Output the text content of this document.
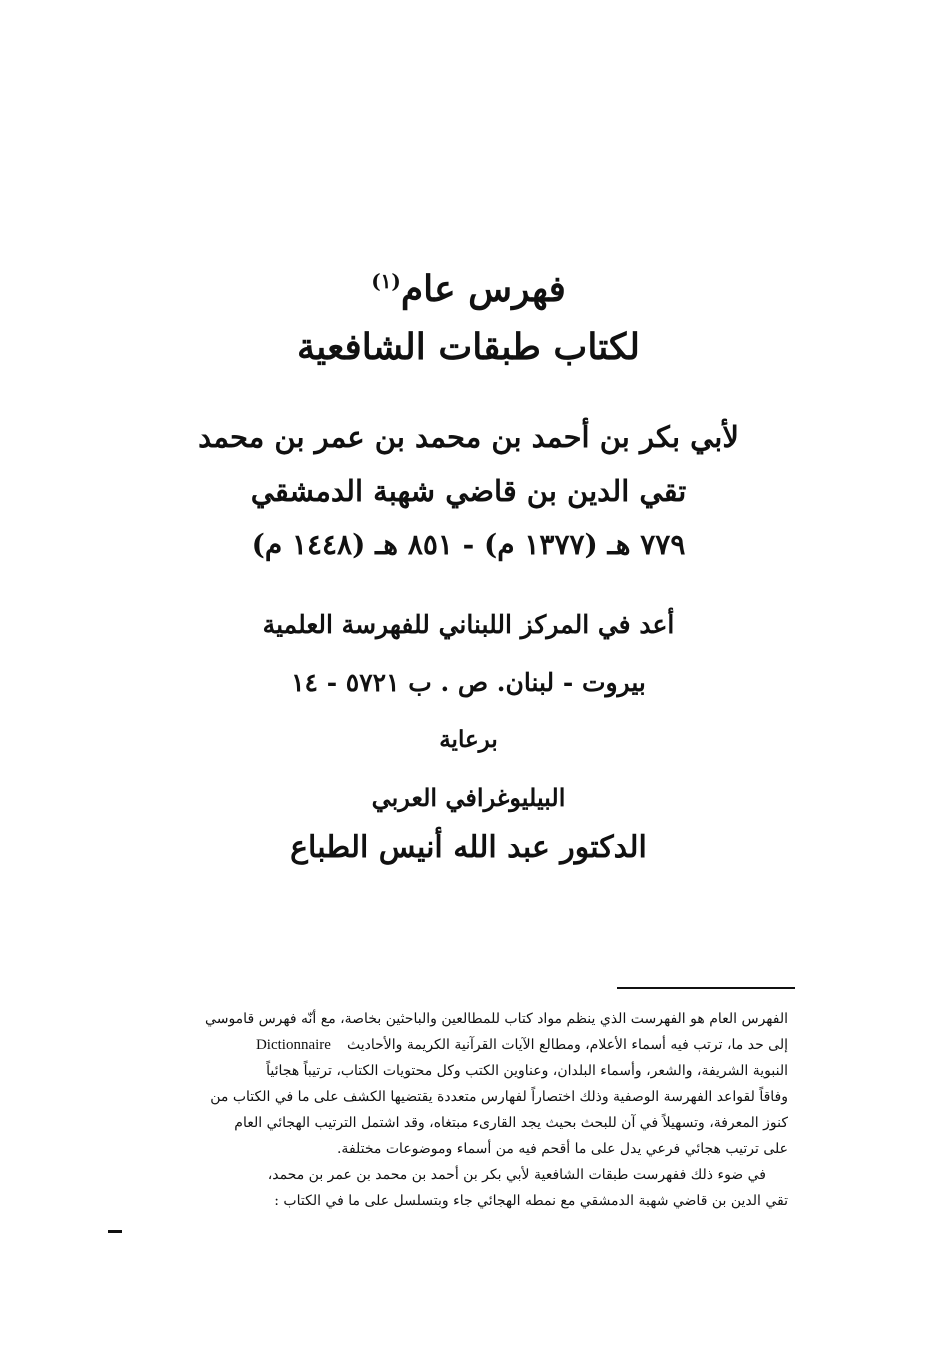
فهرس عام$^{(١)}$
لكتاب طبقات الشافعية
لأبي بكر بن أحمد بن محمد بن عمر بن محمد
تقي الدين بن قاضي شهبة الدمشقي
٧٧٩ هـ (١٣٧٧ م) - ٨٥١ هـ (١٤٤٨ م)
أعد في المركز اللبناني للفهرسة العلمية
بيروت - لبنان. ص . ب ٥٧٢١ - ١٤
برعاية
البيليوغرافي العربي
الدكتور عبد الله أنيس الطباع
الفهرس العام هو الفهرست الذي ينظم مواد كتاب للمطالعين والباحثين بخاصة، مع أنّه فهرس قاموسي
إلى حد ما، ترتب فيه أسماء الأعلام، ومطالع الآيات القرآنية الكريمة والأحاديثDictionnaire
النبوية الشريفة، والشعر، وأسماء البلدان، وعناوين الكتب وكل محتويات الكتاب، ترتيباً هجائياً
وفاقاً لقواعد الفهرسة الوصفية وذلك اختصاراً لفهارس متعددة يقتضيها الكشف على ما في الكتاب من
كنوز المعرفة، وتسهيلاً في آن للبحث بحيث يجد القارىء مبتغاه، وقد اشتمل الترتيب الهجائي العام
على ترتيب هجائي فرعي يدل على ما أقحم فيه من أسماء وموضوعات مختلفة.
في ضوء ذلك ففهرست طبقات الشافعية لأبي بكر بن أحمد بن محمد بن عمر بن محمد،
تقي الدين بن قاضي شهبة الدمشقي مع نمطه الهجائي جاء وبتسلسل على ما في الكتاب :
